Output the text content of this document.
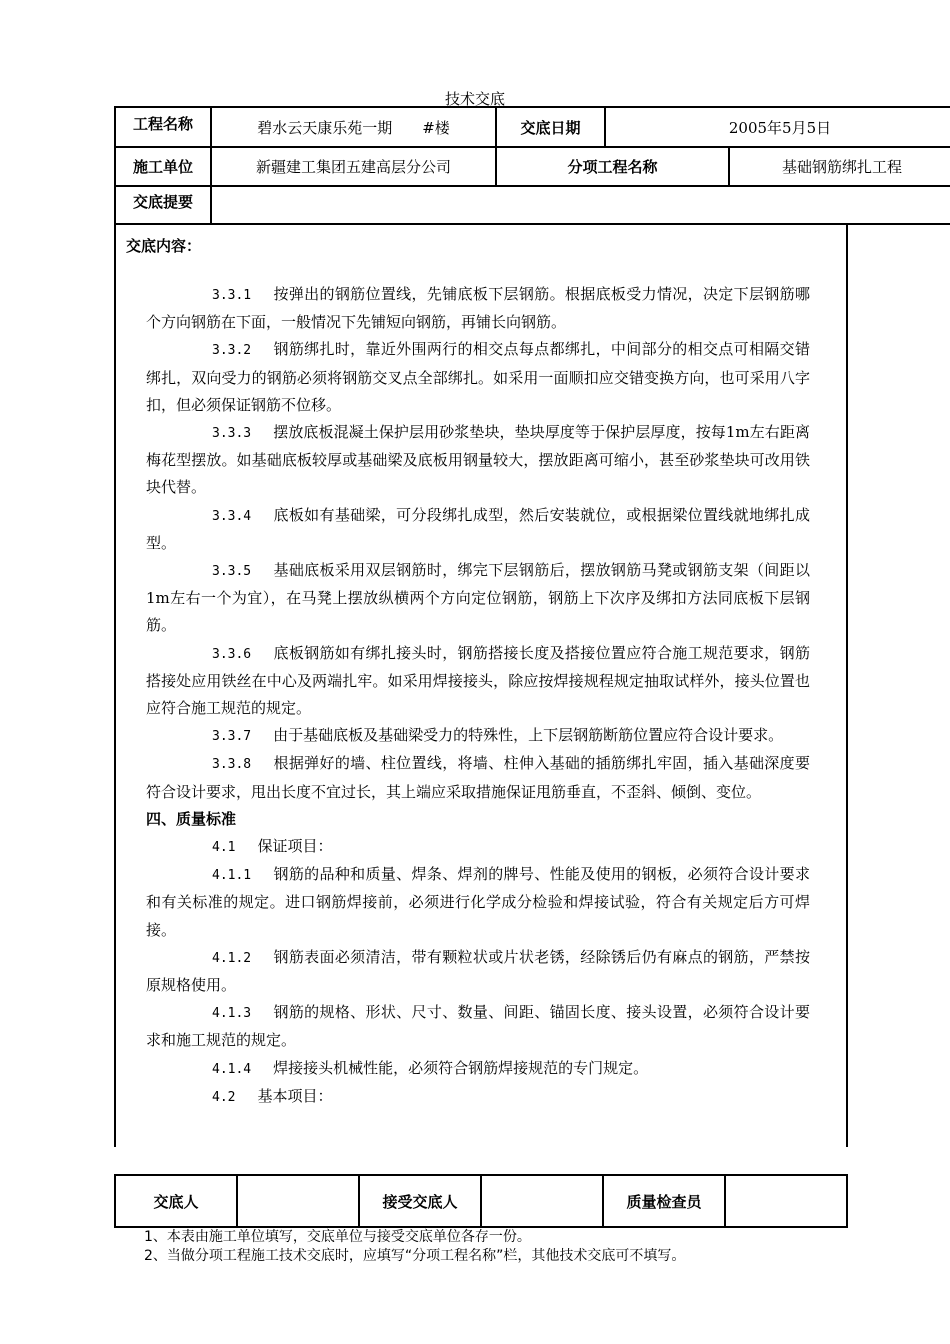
技术交底
工程名称	碧水云天康乐苑一期　　#楼	交底日期	2005年5月5日	
施工单位	新疆建工集团五建高层分公司	分项工程名称		基础钢筋绑扎工程
交底提要				
交底内容：

3.3.1 按弹出的钢筋位置线，先铺底板下层钢筋。根据底板受力情况，决定下层钢筋哪个方向钢筋在下面，一般情况下先铺短向钢筋，再铺长向钢筋。

3.3.2 钢筋绑扎时，靠近外围两行的相交点每点都绑扎，中间部分的相交点可相隔交错绑扎，双向受力的钢筋必须将钢筋交叉点全部绑扎。如采用一面顺扣应交错变换方向，也可采用八字扣，但必须保证钢筋不位移。

3.3.3 摆放底板混凝土保护层用砂浆垫块，垫块厚度等于保护层厚度，按每1m左右距离梅花型摆放。如基础底板较厚或基础梁及底板用钢量较大，摆放距离可缩小，甚至砂浆垫块可改用铁块代替。

3.3.4 底板如有基础梁，可分段绑扎成型，然后安装就位，或根据梁位置线就地绑扎成型。

3.3.5 基础底板采用双层钢筋时，绑完下层钢筋后，摆放钢筋马凳或钢筋支架（间距以1m左右一个为宜），在马凳上摆放纵横两个方向定位钢筋，钢筋上下次序及绑扣方法同底板下层钢筋。

3.3.6 底板钢筋如有绑扎接头时，钢筋搭接长度及搭接位置应符合施工规范要求，钢筋搭接处应用铁丝在中心及两端扎牢。如采用焊接接头，除应按焊接规程规定抽取试样外，接头位置也应符合施工规范的规定。

3.3.7 由于基础底板及基础梁受力的特殊性，上下层钢筋断筋位置应符合设计要求。

3.3.8 根据弹好的墙、柱位置线，将墙、柱伸入基础的插筋绑扎牢固，插入基础深度要符合设计要求，甩出长度不宜过长，其上端应采取措施保证甩筋垂直，不歪斜、倾倒、变位。

四、质量标准

4.1 保证项目：

4.1.1 钢筋的品种和质量、焊条、焊剂的牌号、性能及使用的钢板，必须符合设计要求和有关标准的规定。进口钢筋焊接前，必须进行化学成分检验和焊接试验，符合有关规定后方可焊接。

4.1.2 钢筋表面必须清洁，带有颗粒状或片状老锈，经除锈后仍有麻点的钢筋，严禁按原规格使用。

4.1.3 钢筋的规格、形状、尺寸、数量、间距、锚固长度、接头设置，必须符合设计要求和施工规范的规定。

4.1.4 焊接接头机械性能，必须符合钢筋焊接规范的专门规定。

4.2 基本项目：

交底人		接受交底人		质量检查员	
1、本表由施工单位填写，交底单位与接受交底单位各存一份。
2、当做分项工程施工技术交底时，应填写“分项工程名称”栏，其他技术交底可不填写。
